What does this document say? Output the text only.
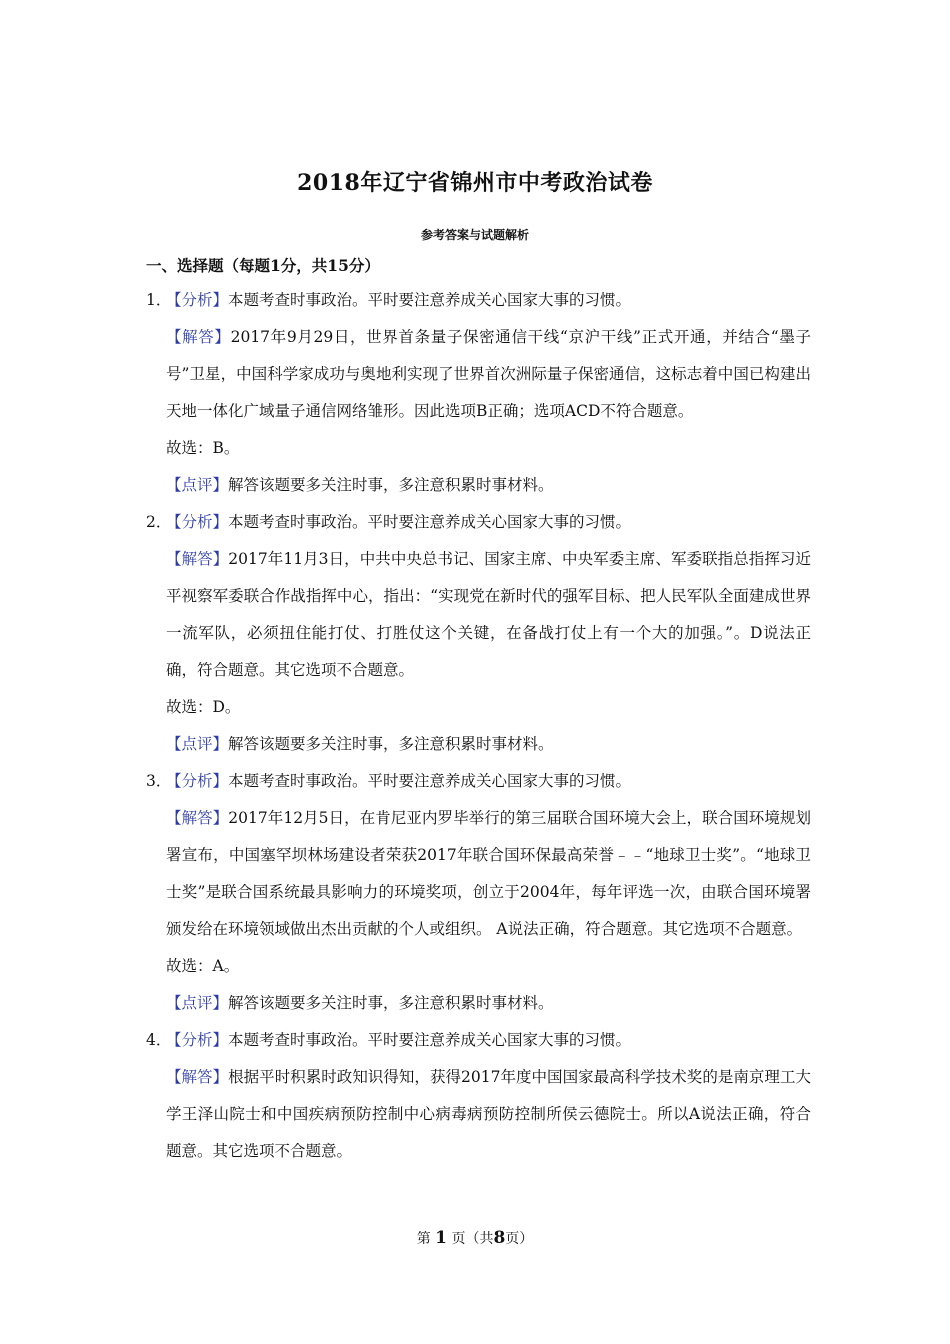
2018年辽宁省锦州市中考政治试卷
参考答案与试题解析
一、选择题（每题1分，共15分）
1．
【分析】本题考查时事政治。平时要注意养成关心国家大事的习惯。
【解答】2017年9月29日，世界首条量子保密通信干线“京沪干线”正式开通，并结合“墨子号”卫星，中国科学家成功与奥地利实现了世界首次洲际量子保密通信，这标志着中国已构建出天地一体化广域量子通信网络雏形。因此选项B正确；选项ACD不符合题意。
故选：B。
【点评】解答该题要多关注时事，多注意积累时事材料。
2．
【分析】本题考查时事政治。平时要注意养成关心国家大事的习惯。
【解答】2017年11月3日，中共中央总书记、国家主席、中央军委主席、军委联指总指挥习近平视察军委联合作战指挥中心，指出：“实现党在新时代的强军目标、把人民军队全面建成世界一流军队，必须扭住能打仗、打胜仗这个关键，在备战打仗上有一个大的加强。”。D说法正确，符合题意。其它选项不合题意。
故选：D。
【点评】解答该题要多关注时事，多注意积累时事材料。
3．
【分析】本题考查时事政治。平时要注意养成关心国家大事的习惯。
【解答】2017年12月5日，在肯尼亚内罗毕举行的第三届联合国环境大会上，联合国环境规划署宣布，中国塞罕坝林场建设者荣获2017年联合国环保最高荣誉﹣﹣“地球卫士奖”。“地球卫士奖”是联合国系统最具影响力的环境奖项，创立于2004年，每年评选一次，由联合国环境署颁发给在环境领域做出杰出贡献的个人或组织。 A说法正确，符合题意。其它选项不合题意。
故选：A。
【点评】解答该题要多关注时事，多注意积累时事材料。
4．
【分析】本题考查时事政治。平时要注意养成关心国家大事的习惯。
【解答】根据平时积累时政知识得知，获得2017年度中国国家最高科学技术奖的是南京理工大学王泽山院士和中国疾病预防控制中心病毒病预防控制所侯云德院士。所以A说法正确，符合题意。其它选项不合题意。
第 1 页（共8页）
